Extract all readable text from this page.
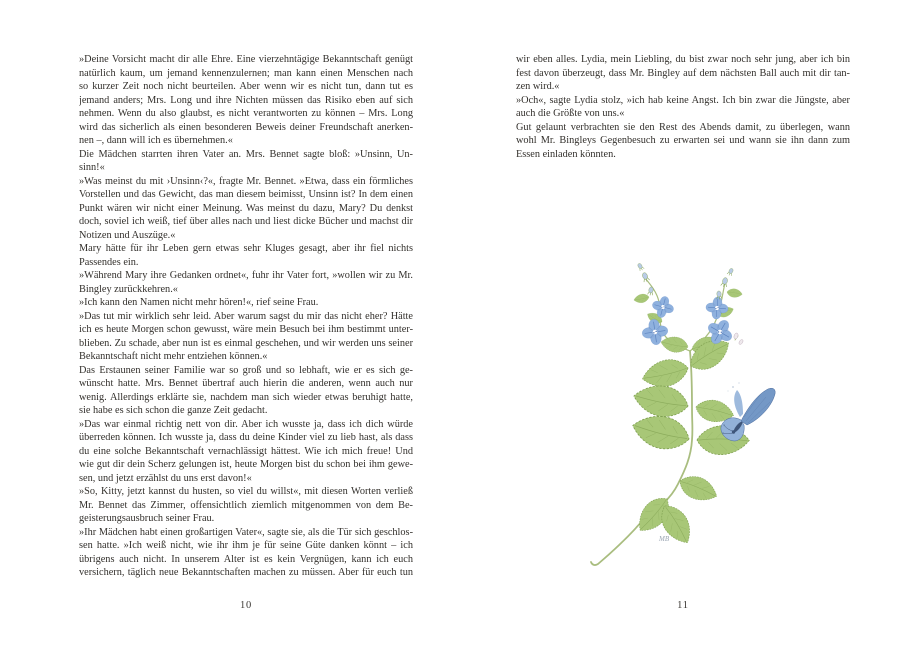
»Deine Vorsicht macht dir alle Ehre. Eine vierzehntägige Bekanntschaft genügt
natürlich kaum, um jemand kennenzulernen; man kann einen Menschen nach
so kurzer Zeit noch nicht beurteilen. Aber wenn wir es nicht tun, dann tut es
jemand anders; Mrs. Long und ihre Nichten müssen das Risiko eben auf sich
nehmen. Wenn du also glaubst, es nicht verantworten zu können – Mrs. Long
wird das sicherlich als einen besonderen Beweis deiner Freundschaft anerken-
nen –, dann will ich es übernehmen.«
Die Mädchen starrten ihren Vater an. Mrs. Bennet sagte bloß: »Unsinn, Un-
sinn!«
»Was meinst du mit ›Unsinn‹?«, fragte Mr. Bennet. »Etwa, dass ein förmliches
Vorstellen und das Gewicht, das man diesem beimisst, Unsinn ist? In dem einen
Punkt wären wir nicht einer Meinung. Was meinst du dazu, Mary? Du denkst
doch, soviel ich weiß, tief über alles nach und liest dicke Bücher und machst dir
Notizen und Auszüge.«
Mary hätte für ihr Leben gern etwas sehr Kluges gesagt, aber ihr fiel nichts
Passendes ein.
»Während Mary ihre Gedanken ordnet«, fuhr ihr Vater fort, »wollen wir zu Mr.
Bingley zurückkehren.«
»Ich kann den Namen nicht mehr hören!«, rief seine Frau.
»Das tut mir wirklich sehr leid. Aber warum sagst du mir das nicht eher? Hätte
ich es heute Morgen schon gewusst, wäre mein Besuch bei ihm bestimmt unter-
blieben. Zu schade, aber nun ist es einmal geschehen, und wir werden uns seiner
Bekanntschaft nicht mehr entziehen können.«
Das Erstaunen seiner Familie war so groß und so lebhaft, wie er es sich ge-
wünscht hatte. Mrs. Bennet übertraf auch hierin die anderen, wenn auch nur
wenig. Allerdings erklärte sie, nachdem man sich wieder etwas beruhigt hatte,
sie habe es sich schon die ganze Zeit gedacht.
»Das war einmal richtig nett von dir. Aber ich wusste ja, dass ich dich würde
überreden können. Ich wusste ja, dass du deine Kinder viel zu lieb hast, als dass
du eine solche Bekanntschaft vernachlässigt hättest. Wie ich mich freue! Und
wie gut dir dein Scherz gelungen ist, heute Morgen bist du schon bei ihm gewe-
sen, und jetzt erzählst du uns erst davon!«
»So, Kitty, jetzt kannst du husten, so viel du willst«, mit diesen Worten verließ
Mr. Bennet das Zimmer, offensichtlich ziemlich mitgenommen von dem Be-
geisterungsausbruch seiner Frau.
»Ihr Mädchen habt einen großartigen Vater«, sagte sie, als die Tür sich geschlos-
sen hatte. »Ich weiß nicht, wie ihr ihm je für seine Güte danken könnt – ich
übrigens auch nicht. In unserem Alter ist es kein Vergnügen, kann ich euch
versichern, täglich neue Bekanntschaften machen zu müssen. Aber für euch tun
wir eben alles. Lydia, mein Liebling, du bist zwar noch sehr jung, aber ich bin
fest davon überzeugt, dass Mr. Bingley auf dem nächsten Ball auch mit dir tan-
zen wird.«
»Och«, sagte Lydia stolz, »ich hab keine Angst. Ich bin zwar die Jüngste, aber
auch die Größte von uns.«
Gut gelaunt verbrachten sie den Rest des Abends damit, zu überlegen, wann
wohl Mr. Bingleys Gegenbesuch zu erwarten sei und wann sie ihn dann zum
Essen einladen könnten.
10	11
MB
